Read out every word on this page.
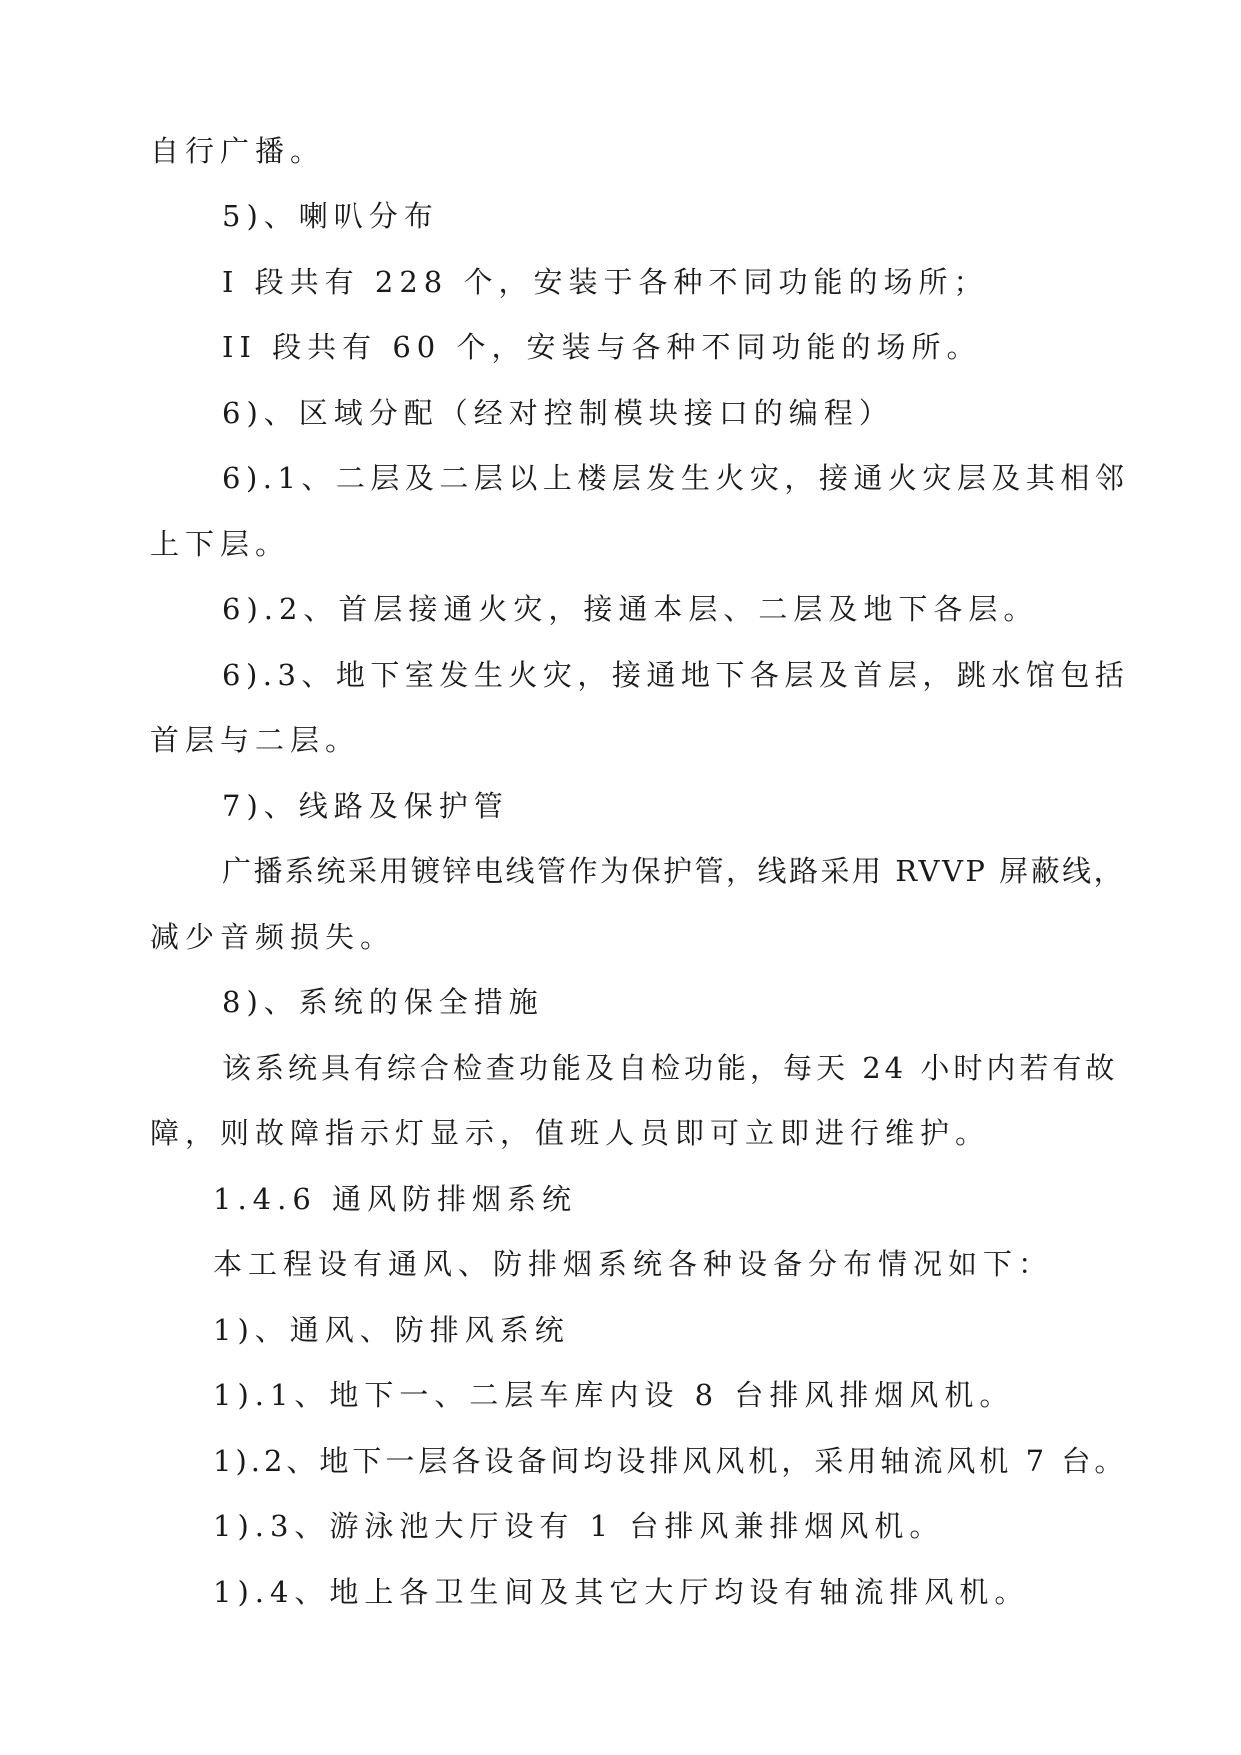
自行广播。
5)、喇叭分布
I 段共有 228 个，安装于各种不同功能的场所；
II 段共有 60 个，安装与各种不同功能的场所。
6)、区域分配（经对控制模块接口的编程）
6).1、二层及二层以上楼层发生火灾，接通火灾层及其相邻
上下层。
6).2、首层接通火灾，接通本层、二层及地下各层。
6).3、地下室发生火灾，接通地下各层及首层，跳水馆包括
首层与二层。
7)、线路及保护管
广播系统采用镀锌电线管作为保护管，线路采用 RVVP 屏蔽线，
减少音频损失。
8)、系统的保全措施
该系统具有综合检查功能及自检功能，每天 24 小时内若有故
障，则故障指示灯显示，值班人员即可立即进行维护。
1.4.6 通风防排烟系统
本工程设有通风、防排烟系统各种设备分布情况如下：
1)、通风、防排风系统
1).1、地下一、二层车库内设 8 台排风排烟风机。
1).2、地下一层各设备间均设排风风机，采用轴流风机 7 台。
1).3、游泳池大厅设有 1 台排风兼排烟风机。
1).4、地上各卫生间及其它大厅均设有轴流排风机。
